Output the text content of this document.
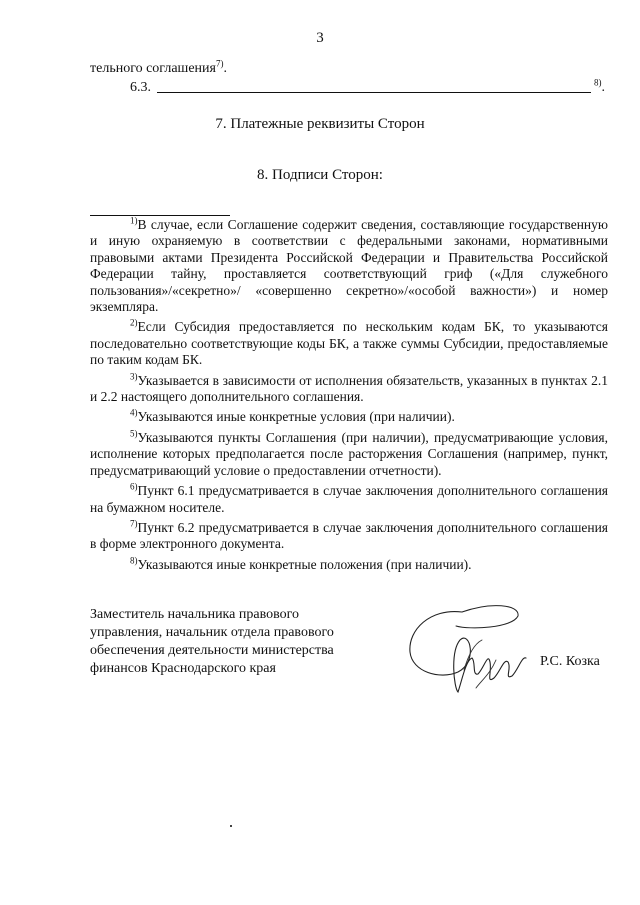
3
тельного соглашения$^{7)}$.
6.3.	$^{8)}$.
7. Платежные реквизиты Сторон
8. Подписи Сторон:

$^{1)}$В случае, если Соглашение содержит сведения, составляющие государственную и иную охраняемую в соответствии с федеральными законами, нормативными правовыми актами Президента Российской Федерации и Правительства Российской Федерации тайну, проставляется соответствующий гриф («Для служебного пользования»/«секретно»/ «совершенно секретно»/«особой важности») и номер экземпляра.

$^{2)}$Если Субсидия предоставляется по нескольким кодам БК, то указываются последовательно соответствующие коды БК, а также суммы Субсидии, предоставляемые по таким кодам БК.

$^{3)}$Указывается в зависимости от исполнения обязательств, указанных в пунктах 2.1 и 2.2 настоящего дополнительного соглашения.

$^{4)}$Указываются иные конкретные условия (при наличии).

$^{5)}$Указываются пункты Соглашения (при наличии), предусматривающие условия, исполнение которых предполагается после расторжения Соглашения (например, пункт, предусматривающий условие о предоставлении отчетности).

$^{6)}$Пункт 6.1 предусматривается в случае заключения дополнительного соглашения на бумажном носителе.

$^{7)}$Пункт 6.2 предусматривается в случае заключения дополнительного соглашения в форме электронного документа.

$^{8)}$Указываются иные конкретные положения (при наличии).

Заместитель начальника правового
управления, начальник отдела правового
обеспечения деятельности министерства
финансов Краснодарского края	Р.С. Козка
